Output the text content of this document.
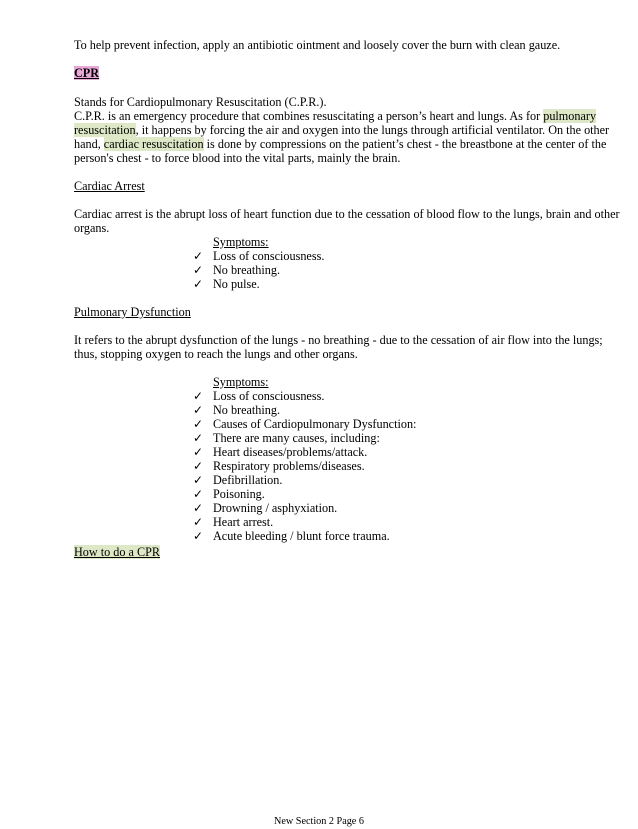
To help prevent infection, apply an antibiotic ointment and loosely cover the burn with clean gauze.
CPR
Stands for Cardiopulmonary Resuscitation (C.P.R.).
C.P.R. is an emergency procedure that combines resuscitating a person’s heart and lungs. As for pulmonary
resuscitation, it happens by forcing the air and oxygen into the lungs through artificial ventilator. On the other
hand, cardiac resuscitation is done by compressions on the patient’s chest - the breastbone at the center of the
person's chest - to force blood into the vital parts, mainly the brain.
Cardiac Arrest
Cardiac arrest is the abrupt loss of heart function due to the cessation of blood flow to the lungs, brain and other
organs.
Symptoms:
✓ Loss of consciousness.
✓ No breathing.
✓ No pulse.
Pulmonary Dysfunction
It refers to the abrupt dysfunction of the lungs - no breathing - due to the cessation of air flow into the lungs;
thus, stopping oxygen to reach the lungs and other organs.
Symptoms:
✓ Loss of consciousness.
✓ No breathing.
✓ Causes of Cardiopulmonary Dysfunction:
✓ There are many causes, including:
✓ Heart diseases/problems/attack.
✓ Respiratory problems/diseases.
✓ Defibrillation.
✓ Poisoning.
✓ Drowning / asphyxiation.
✓ Heart arrest.
✓ Acute bleeding / blunt force trauma.
How to do a CPR
New Section 2 Page 6
